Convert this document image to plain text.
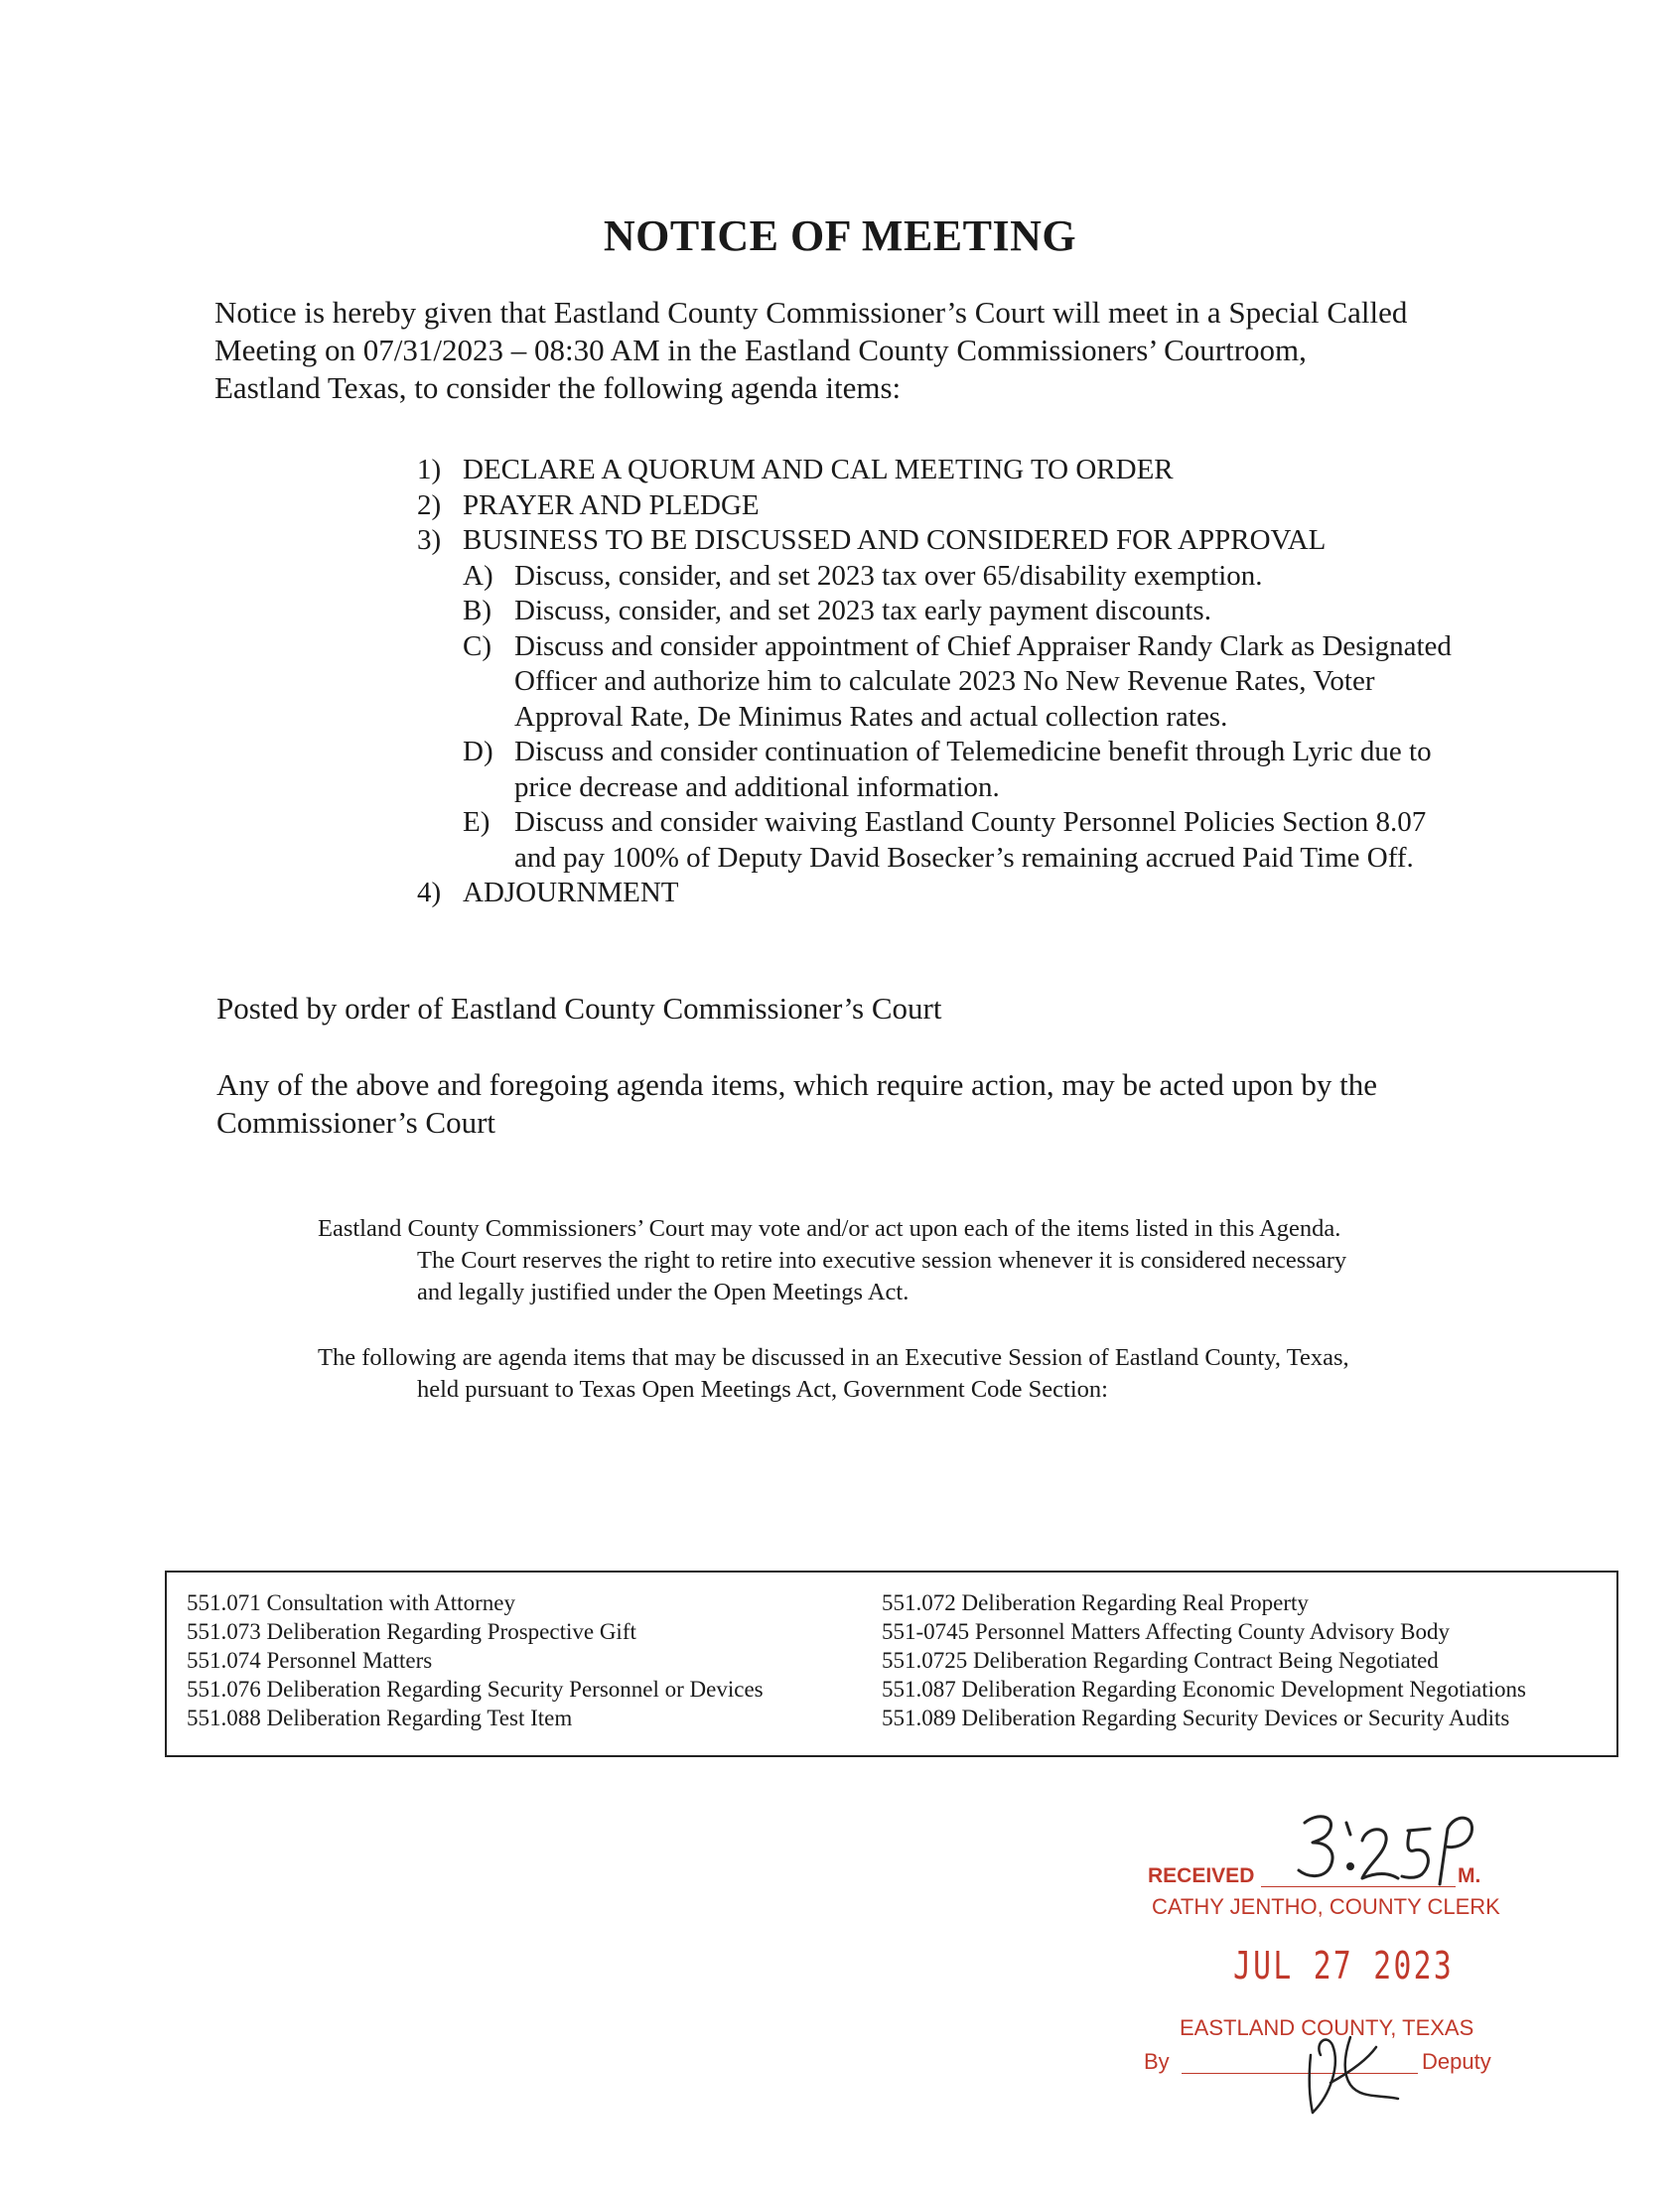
NOTICE OF MEETING
Notice is hereby given that Eastland County Commissioner’s Court will meet in a Special Called
Meeting on 07/31/2023 – 08:30 AM in the Eastland County Commissioners’ Courtroom,
Eastland Texas, to consider the following agenda items:
1) DECLARE A QUORUM AND CAL MEETING TO ORDER
2) PRAYER AND PLEDGE
3) BUSINESS TO BE DISCUSSED AND CONSIDERED FOR APPROVAL
A) Discuss, consider, and set 2023 tax over 65/disability exemption.
B) Discuss, consider, and set 2023 tax early payment discounts.
C) Discuss and consider appointment of Chief Appraiser Randy Clark as Designated
Officer and authorize him to calculate 2023 No New Revenue Rates, Voter
Approval Rate, De Minimus Rates and actual collection rates.
D) Discuss and consider continuation of Telemedicine benefit through Lyric due to
price decrease and additional information.
E) Discuss and consider waiving Eastland County Personnel Policies Section 8.07
and pay 100% of Deputy David Bosecker’s remaining accrued Paid Time Off.
4) ADJOURNMENT
Posted by order of Eastland County Commissioner’s Court
Any of the above and foregoing agenda items, which require action, may be acted upon by the
Commissioner’s Court
Eastland County Commissioners’ Court may vote and/or act upon each of the items listed in this Agenda.
The Court reserves the right to retire into executive session whenever it is considered necessary
and legally justified under the Open Meetings Act.
The following are agenda items that may be discussed in an Executive Session of Eastland County, Texas,
held pursuant to Texas Open Meetings Act, Government Code Section:
551.071 Consultation with Attorney
551.073 Deliberation Regarding Prospective Gift
551.074 Personnel Matters
551.076 Deliberation Regarding Security Personnel or Devices
551.088 Deliberation Regarding Test Item
551.072 Deliberation Regarding Real Property
551-0745 Personnel Matters Affecting County Advisory Body
551.0725 Deliberation Regarding Contract Being Negotiated
551.087 Deliberation Regarding Economic Development Negotiations
551.089 Deliberation Regarding Security Devices or Security Audits
RECEIVED	M.
CATHY JENTHO, COUNTY CLERK
JUL 27 2023
EASTLAND COUNTY, TEXAS
By	Deputy
